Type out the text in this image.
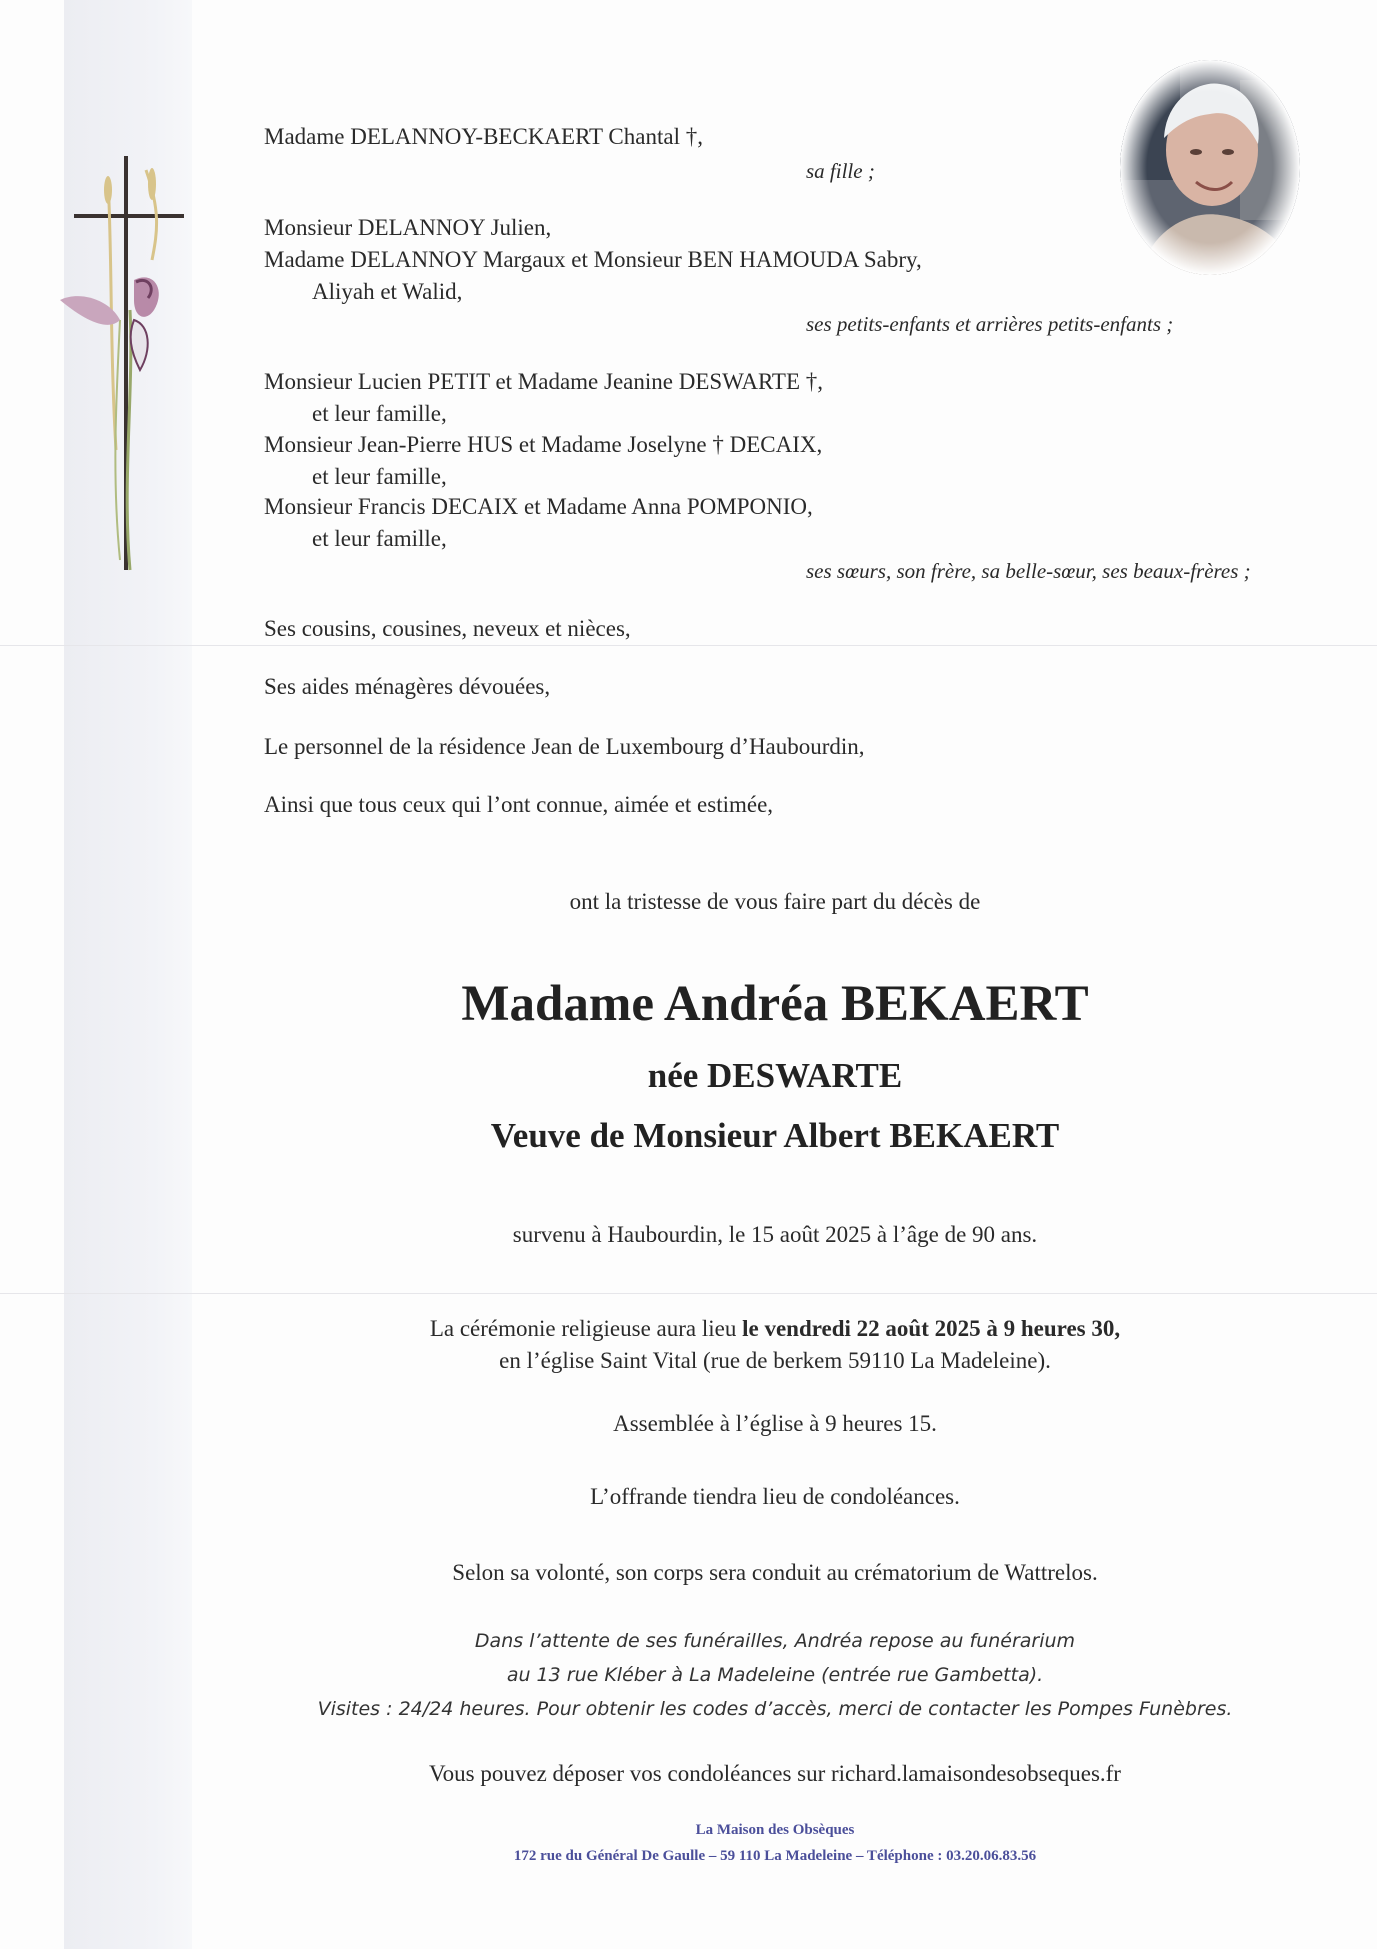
Madame DELANNOY-BECKAERT Chantal †,
sa fille ;
Monsieur DELANNOY Julien,
Madame DELANNOY Margaux et Monsieur BEN HAMOUDA Sabry,
Aliyah et Walid,
ses petits-enfants et arrières petits-enfants ;
Monsieur Lucien PETIT et Madame Jeanine DESWARTE †,
et leur famille,
Monsieur Jean-Pierre HUS et Madame Joselyne † DECAIX,
et leur famille,
Monsieur Francis DECAIX et Madame Anna POMPONIO,
et leur famille,
ses sœurs, son frère, sa belle-sœur, ses beaux-frères ;
Ses cousins, cousines, neveux et nièces,
Ses aides ménagères dévouées,
Le personnel de la résidence Jean de Luxembourg d’Haubourdin,
Ainsi que tous ceux qui l’ont connue, aimée et estimée,
ont la tristesse de vous faire part du décès de
Madame Andréa BEKAERT
née DESWARTE
Veuve de Monsieur Albert BEKAERT
survenu à Haubourdin, le 15 août 2025 à l’âge de 90 ans.
La cérémonie religieuse aura lieu le vendredi 22 août 2025 à 9 heures 30,
en l’église Saint Vital (rue de berkem 59110 La Madeleine).
Assemblée à l’église à 9 heures 15.
L’offrande tiendra lieu de condoléances.
Selon sa volonté, son corps sera conduit au crématorium de Wattrelos.
Dans l’attente de ses funérailles, Andréa repose au funérarium
au 13 rue Kléber à La Madeleine (entrée rue Gambetta).
Visites : 24/24 heures. Pour obtenir les codes d’accès, merci de contacter les Pompes Funèbres.
Vous pouvez déposer vos condoléances sur richard.lamaisondesobseques.fr
La Maison des Obsèques
172 rue du Général De Gaulle – 59 110 La Madeleine – Téléphone : 03.20.06.83.56
